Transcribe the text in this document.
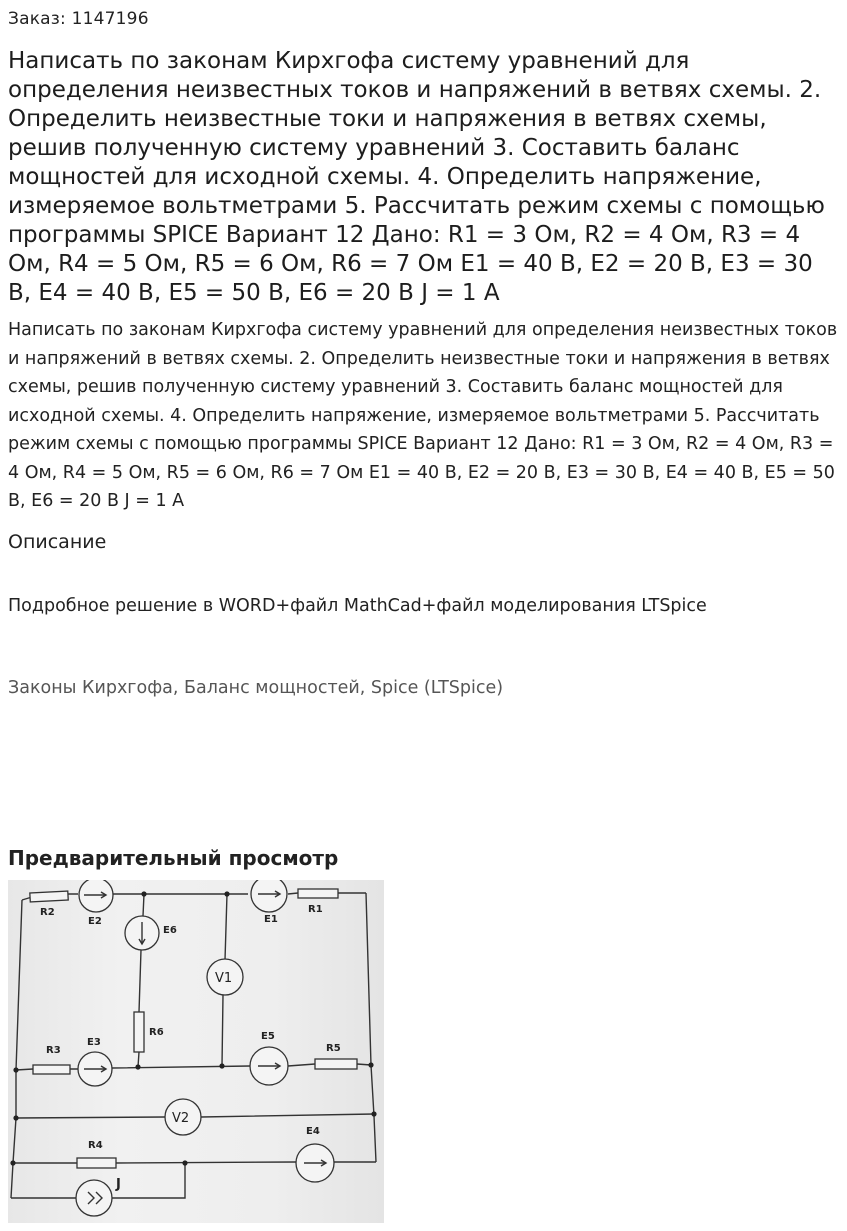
Заказ: 1147196
Написать по законам Кирхгофа систему уравнений для определения неизвестных токов и напряжений в ветвях схемы. 2. Определить неизвестные токи и напряжения в ветвях схемы, решив полученную систему уравнений 3. Составить баланс мощностей для исходной схемы. 4. Определить напряжение, измеряемое вольтметрами 5. Рассчитать режим схемы с помощью программы SPICE Вариант 12 Дано: R1 = 3 Ом, R2 = 4 Ом, R3 = 4 Ом, R4 = 5 Ом, R5 = 6 Ом, R6 = 7 Ом E1 = 40 В, E2 = 20 В, E3 = 30 В, E4 = 40 В, E5 = 50 В, E6 = 20 В J = 1 А
Написать по законам Кирхгофа систему уравнений для определения неизвестных токов и напряжений в ветвях схемы. 2. Определить неизвестные токи и напряжения в ветвях схемы, решив полученную систему уравнений 3. Составить баланс мощностей для исходной схемы. 4. Определить напряжение, измеряемое вольтметрами 5. Рассчитать режим схемы с помощью программы SPICE Вариант 12 Дано: R1 = 3 Ом, R2 = 4 Ом, R3 = 4 Ом, R4 = 5 Ом, R5 = 6 Ом, R6 = 7 Ом E1 = 40 В, E2 = 20 В, E3 = 30 В, E4 = 40 В, E5 = 50 В, E6 = 20 В J = 1 А
Описание
Подробное решение в WORD+файл MathCad+файл моделирования LTSpice
Законы Кирхгофа, Баланс мощностей, Spice (LTSpice)
Предварительный просмотр
R2
E2	E1
R1
E6
R6
V1
R3
E3
E5
R5
V2
R4
E4
J
